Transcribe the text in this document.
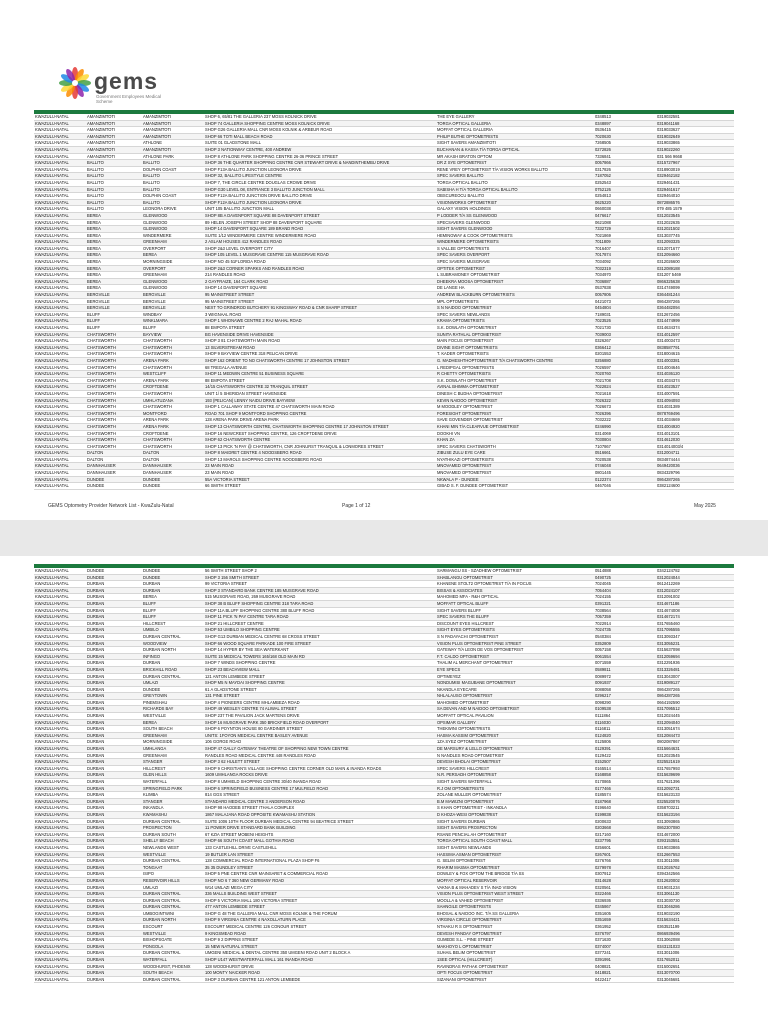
gems
Government Employees Medical Scheme

KWAZULU-NATAL	AMANZIMTOTI	AMANZIMTOTI	SHOP 6, 65/81 THE GALLERIA 237 MOSS KOLNICK DRIVE	THE EYE GALLERY	0348513	0319032581
KWAZULU-NATAL	AMANZIMTOTI	AMANZIMTOTI	SHOP 74 GALLERIA SHOPPING CENTRE MOSS KOLNICK DRIVE	TORGA OPTICAL GALLERIA	0348897	0319041168
KWAZULU-NATAL	AMANZIMTOTI	AMANZIMTOTI	SHOP G26 GALLERIA MALL CNR MOSS KOLNIK & ARBEUR ROAD	MOFFAT OPTICAL GALLERIA	0536415	0319033627
KWAZULU-NATAL	AMANZIMTOTI	AMANZIMTOTI	SHOP 66 TOTI MALL BEACH ROAD	PHILIP BUTHE OPTOMETRISTS	7020630	0319032649
KWAZULU-NATAL	AMANZIMTOTI	ATHLONE	SUITE 01 GLADSTONE MALL	SIGHT SAVERS AMANZIMTOTI	7268505	0319033865
KWAZULU-NATAL	AMANZIMTOTI	AMANZIMTOTI	SHOP 3 NATIONWAY CENTRE, 400 ANDREW	BUCHANAN & KASSA T/A TORGA OPTICAL	0272826	0319022260
KWAZULU-NATAL	AMANZIMTOTI	ATHLONE PARK	SHOP 8 ATHLONE PARK SHOPPING CENTRE 26-36 PRINCE STREET	MR AKASH BRATON OPTOM	7336841	031 566 9668
KWAZULU-NATAL	BALLITO	BALLITO	SHOP 36 THE QUARTER SHOPPING CENTRE CNR STEWART DRIVE & NANDINTHEMBU DRIVE	DR Z SYE OPTOMETRIST	0057866	0315727967
KWAZULU-NATAL	BALLITO	DOLPHIN COAST	SHOP F13A BALLITO JUNCTION LEONORA DRIVE	RENE VREY OPTOMETRIST T/A VISION WORKS BALLITO	0317826	0318903019
KWAZULU-NATAL	BALLITO	BALLITO	SHOP 32, BALLITO LIFESTYLE CENTRE	SPEC SAVERS BALLITO	7187052	0329462182
KWAZULU-NATAL	BALLITO	BALLITO	SHOP 7, THE CIRCLE CENTRE DOUGLAS CROWE DRIVE	TORGA OPTICAL BALLITO	0252543	0329461431
KWAZULU-NATAL	BALLITO	BALLITO	SHOP G30 LEVEL 08, ENTRANCE 3 BALLITO JUNCTION MALL	SABISHA H T/A TORGA OPTICAL BALLITO	0752126	0329461617
KWAZULU-NATAL	BALLITO	DOLPHIN COAST	SHOP F12A BALLITO JUNCTION DRIVE BALLITO DRIVE	OBSCUREOCU BALLITO	0254813	0329464010
KWAZULU-NATAL	BALLITO	BALLITO	SHOP F12A BALLITO JUNCTION LEONORA DRIVE	VISIONWORKS OPTOMETRIST	0625220	0872886576
KWAZULU-NATAL	BALLITO	LEONORA DRIVE	UNIT 105 BALLITO JUNCTION MALL	GALAXY VISION HOLDINGS	0660038	079 485 1579
KWAZULU-NATAL	BEREA	GLENWOOD	SHOP 8B A DAVENPORT SQUARE 88 DAVENPORT STREET	P LODDER T/A SS GLENWOOD	0476617	0312023545
KWAZULU-NATAL	BEREA	GLENWOOD	89 HELEN JOSEPH STREET SHOP 88 DAVENPORT SQUARE	SPECSAVERS GLENWOOD	0621088	0312022635
KWAZULU-NATAL	BEREA	GLENWOOD	SHOP 14 DAVENPORT SQUARE 189 BRAND ROAD	SIGHT SAVERS GLENWOOD	7332729	0312021502
KWAZULU-NATAL	BEREA	WINDERMERE	SUITE 1/12 WINDERMERE CENTRE WINDERMERE ROAD	HEMINGWAY & COOK OPTOMETRISTS	7021869	0313037745
KWAZULU-NATAL	BEREA	GREENHAM	2 ASLAM HOUSES 412 RANDLES ROAD	WINDERMERE OPTOMETRISTS	7011809	0312093325
KWAZULU-NATAL	BEREA	OVERPORT	SHOP 2&3 LEVEL OVERPORT CITY	S VALLEE OPTOMETRISTS	7016407	0312071677
KWAZULU-NATAL	BEREA	BEREA	SHOP 105 LEVEL 1 MUSGRAVE CENTRE 115 MUSGRAVE ROAD	SPEC SAVERS OVERPORT	7017874	0312094660
KWAZULU-NATAL	BEREA	MORNINGSIDE	SHOP NO 45 51FLORIDA ROAD	SPEC SAVERS MUSGRAVE	7034092	0312026600
KWAZULU-NATAL	BEREA	OVERPORT	SHOP 2&3 CORNER SPARKS AND RANDLES ROAD	OPTITEK OPTOMETRIST	7032319	0312089188
KWAZULU-NATAL	BEREA	GREENHAM	214 RANDLES ROAD	L SUBRAMONEY OPTOMETRIST	7034970	031207 5469
KWAZULU-NATAL	BEREA	GLENWOOD	2 GAYFRAIZE, 164 CLARK ROAD	DHEEKRA MOOSA OPTOMETRIST	7036887	0866325638
KWAZULU-NATAL	BEREA	GLENWOOD	SHOP 14 DAVENPORT SQUARE	DE LANGE HA	0537838	0314749099
KWAZULU-NATAL	BERGVILLE	BERGVILLE	95 MAINSTREET STREET	ANDREW BLACKBURN OPTOMETRISTS	0057806	0364481244
KWAZULU-NATAL	BERGVILLE	BERGVILLE	95 MAINSTREET STREET	MPL OPTOMETRISTS	0421073	0864287265
KWAZULU-NATAL	BERGVILLE	BERGVILLE	NEXT TO GRINDROD BUTCHERY 91 KINGSWAY ROAD & CNR SHARP STREET	S N NAIDOO OPTOMETRIST	0454804	0364482094
KWAZULU-NATAL	BLUFF	WINDBAY	3 WIIGNAAL ROAD	SPEC SAVERS NEWLANDS	7189031	0312672456
KWAZULU-NATAL	BLUFF	WINKLMARA	SHOP 1 WHONAWE CENTRE 2 RAJ MAHAL ROAD	KRAMA OPTOMETRISTS	7023526	0314474999
KWAZULU-NATAL	BLUFF	BLUFF	88 EMPOTA STREET	S.K. DOWLATH OPTOMETRIST	7021730	0314634374
KWAZULU-NATAL	CHATSWORTH	BAYVIEW	BG HAVENSIDE DRIVE HAVENSIDE	SUNITA RATHLAL OPTOMETRIST	7039003	0314012597
KWAZULU-NATAL	CHATSWORTH	CHATSWORTH	SHOP 3 81 CHATSWORTH MAIN ROAD	MAIN FOCUS OPTOMETRIST	0326267	0314003473
KWAZULU-NATAL	CHATSWORTH	CHATSWORTH	13 SILVERSTREAM ROAD	DIVINE SIGHT OPTOMETRISTS	0366412	0838587791
KWAZULU-NATAL	CHATSWORTH	CHATSWORTH	SHOP 9 BAYVIEW CENTRE 318 PELICAN DRIVE	T. KADER OPTOMETRISTS	0201553	0318004615
KWAZULU-NATAL	CHATSWORTH	ARENA PARK	SHOP 162 ORIENT TO NO CHATSWORTH CENTRE 17 JOHNSTON STREET	G. MADHESHTHOPTOMETRIST T/A CHATSWORTH CENTRE	0256880	0314003381
KWAZULU-NATAL	CHATSWORTH	CHATSWORTH	68 TREGALA AVENUE	L REDIPGAL OPTOMETRISTS	7026597	0314004646
KWAZULU-NATAL	CHATSWORTH	WESTCLIFF	SHOP 11 MEDWIN CENTRE 51 BUSINESS SQUARE	R CHETTY OPTOMETRISTS	7020760	0314036120
KWAZULU-NATAL	CHATSWORTH	ARENA PARK	88 EMPOTA STREET	S.K. DOWLATH OPTOMETRIST	7021708	0314034374
KWAZULU-NATAL	CHATSWORTH	CROFTDENE	14/15 CHATSWORTH CENTRE 32 TRANQUIL STREET	AVINAL BHIMMA OPTOMETRIST	7022824	0314023527
KWAZULU-NATAL	CHATSWORTH	CHATSWORTH	UNIT 1/ 5 SHERIDAN STREET HAVENSIDE	DINESH C BUDHA OPTOMETRIST	7021618	0314007591
KWAZULU-NATAL	CHATSWORTH	UMHLATUZANA	193 (PELICAN) LENNY NAIDU DRIVE BAYVIEW	KEVIN NAIDOO OPTOMETRIST	7026322	0314094093
KWAZULU-NATAL	CHATSWORTH	CHATSWORTH	SHOP 1 CALLAWAY STATE CENTRE 47 CHATSWORTH MAIN ROAD	M MOODLEY OPTOMETRIST	7026673	0314031389
KWAZULU-NATAL	CHATSWORTH	MONTFORD	ROAD 701 SHOP 9 MONTFORD SHOPPING CENTRE	FORESIGHT OPTOMETRIST	7026396	0878769496
KWAZULU-NATAL	CHATSWORTH	ARENA PARK	128 ARENA PARK DRIVE ARENA PARK	SAVE GOVENDER OPTOMETRIST	7032222	0314034669
KWAZULU-NATAL	CHATSWORTH	ARENA PARK	SHOP 13 CHATSWORTH CENTRE, CHATSWORTH SHOPPING CENTRE 17 JOHNSTON STREET	KHANI MIN T/A CLEARVUE OPTOMETRIST	0246990	0314004920
KWAZULU-NATAL	CHATSWORTH	CROFTDENE	SHOP 16 NEWCREST SHOPPING CENTRE, 126 CROFTDENE DRIVE	DOOKHI VN	0314069	0314013101
KWAZULU-NATAL	CHATSWORTH	CHATSWORTH	SHOP 62 CHATSWORTH CENTRE	KHAN ZA	7030804	0314612030
KWAZULU-NATAL	CHATSWORTH	CHATSWORTH	SHOP 13 PICK 'N PAY @ CHATSWORTH, CNR JOHNURST TRANQUIL & LONMORES STREET	SPEC SAVERS CHATSWORTH	7107867	0314014003/4
KWAZULU-NATAL	DALTON	DALTON	SHOP 8 MAIDRET CENTRE 4 NOODSBERG ROAD	ZIBUSE ZULU EYE CARE	0516661	0312004711
KWAZULU-NATAL	DALTON	DALTON	SHOP 13 MAROLS SHOPPING CENTRE NOODSBERG ROAD	NYATHIKAZI OPTOMETRISTS	7020538	0834874444
KWAZULU-NATAL	DANNHAUSER	DANNHAUSER	23 MAIN ROAD	MNOVAMED OPTOMETRIST	0746048	0649420036
KWAZULU-NATAL	DANNHAUSER	DANNHAUSER	23 MAIN ROAD	MNOVAMED OPTOMETRIST	0801445	0834329796
KWAZULU-NATAL	DUNDEE	DUNDEE	55A VICTORIA STREET	NKWALA P - DUNDEE	0122374	0864287265
KWAZULU-NATAL	DUNDEE	DUNDEE	66 SMITH STREET	GIBAD S. F. DUNDEE OPTOMETRIST	0467046	0382124600
GEMS Optometry Provider Network List - KwaZulu-Natal	Page 1 of 12	May 2025

KWAZULU-NATAL	DUNDEE	DUNDEE	56 SMITH STREET SHOP 2	SARMANGU SS - SZADHEW OPTOMETRIST	0514888	0342124782
KWAZULU-NATAL	DUNDEE	DUNDEE	SHOP 3 156 SMITH STREET	SHABLANGU OPTOMETRIST	0490725	0312024044
KWAZULU-NATAL	DURBAN	DURBAN	99 VICTORIA STREET	KHANENE STOLT2 OPTOMETRIST T/A IN FOCUS	7024045	0612412269
KWAZULU-NATAL	DURBAN	DURBAN	SHOP 3 STANDARD BANK CENTRE 185 MUSGRAVE ROAD	BISSAS & ASSOCIATES	7054404	0312024107
KWAZULU-NATAL	DURBAN	BEREA	515 MUSGRAVE ROAD, 269 MUSGRAVE ROAD	MAHOMED MFA - R&H OPTICAL	7024155	0312091002
KWAZULU-NATAL	DURBAN	BLUFF	SHOP 38 B BLUFF SHOPPING CENTRE 318 TARA ROAD	MOFFATT OPTICAL BLUFF	0391321	0314671186
KWAZULU-NATAL	DURBAN	BLUFF	SHOP 11A BLUFF SHOPPING CENTRE 380 BLUFF ROAD	SIGHT SAVERS BLUFF	7038564	0314674008
KWAZULU-NATAL	DURBAN	BLUFF	SHOP 11 PICK 'N PAY CENTRE TARA ROAD	SPEC SAVERS THE BLUFF	7057359	0314672174
KWAZULU-NATAL	DURBAN	HILLCREST	SHOP 21 HILLCREST CENTRE	DISCOUNT EYES HILLCREST	7022914	0317655460
KWAZULU-NATAL	DURBAN	UMBILO	SHOP 53 UMBILO SHOPPING CENTRE	SIGHT EYES OPTOMETRISTS	7024735	0317095555
KWAZULU-NATAL	DURBAN	DURBAN CENTRAL	SHOP G13 DURBAN MEDICAL CENTRE 68 CROSS STREET	S N PADAYACHI OPTOMETRIST	0540384	0313093347
KWAZULU-NATAL	DURBAN	WOODVIEW	SHOP 66 WOOD SQUARE PARKADE 100 FIRE STREET	VISION PLUS OPTOMETRIST PINE STREET	0352809	0313055231
KWAZULU-NATAL	DURBAN	DURBAN NORTH	SHOP 14 HYPER BY THE SEA WATERKANT	GATEWAY T/A LEON DE VOS OPTOMETRIST	0057158	0315637098
KWAZULU-NATAL	DURBAN	INFINGO	SUITE 15 MEDICAL TOWERS 165/168 OLD MAIN RD	F.T. CALDO OPTOMETRIST	0061554	0312059694
KWAZULU-NATAL	DURBAN	DURBAN	SHOP 7 WINDS SHOPPING CENTRE	THALIM AL MERCHANT OPTOMETRIST	0071559	0312291936
KWAZULU-NATAL	DURBAN	BRICKHILL ROAD	SHOP 23 BEACHVIEW MALL	EYE SPECS	0589811	0313326481
KWAZULU-NATAL	DURBAN	DURBAN CENTRAL	121 ANTON LEMBEDE STREET	OPTIMEYEZ	0089972	0313043007
KWAZULU-NATAL	DURBAN	UMLAZI	SHOP M5 N MAYDAI SHOPPING CENTRE	NONDUMISI MAGUBANE OPTOMETRIST	0091937	0319089127
KWAZULU-NATAL	DURBAN	DUNDEE	61 A GLADSTONE STREET	NKANDLA EYECARE	0088058	0864287265
KWAZULU-NATAL	DURBAN	GREYTOWN	131 PINE STREET	NHLALAUSO OPTOMETRIST	0296217	0864287265
KWAZULU-NATAL	DURBAN	PINEMSHAU	SHOP 4 PIONEERS CENTRE MHLAMBEZA ROAD	MAHOMED OPTOMETRIST	0098290	0664192590
KWAZULU-NATAL	DURBAN	RICHARDS BAY	SHOP 49 WESLEY CENTRE 74 ALIWAL STREET	SA DEVAN AND M NAIDOO OPTOMETRIST	0109538	0317095512
KWAZULU-NATAL	DURBAN	WESTVILLE	SHOP 237 THE PAVILION JACK MARTENS DRIVE	MOFFATT OPTICAL PAVILION	0111864	0312024445
KWAZULU-NATAL	DURBAN	BEREA	SHOP 16 MUSGRAVE PARK 350 BRICKFIELD ROAD OVERPORT	OPSIMAR GALLERY	0116030	0312094040
KWAZULU-NATAL	DURBAN	SOUTH BEACH	SHOP 6 POYNTON HOUSE 80 GARDINER STREET	THEKWINI OPTOMETRISTS	0116811	0313051674
KWAZULU-NATAL	DURBAN	GREENHAM	UNITS: 1FOYON MEDICAL CENTRE BASLEY AVENUE	HASMA KASSIM OPTOMETRIST	0124820	0312084473
KWAZULU-NATAL	DURBAN	MORNINGSIDE	106 GORGE ROAD	1ZA SYEZ OPTOMETRIST	0125806	0802087867
KWAZULU-NATAL	DURBAN	UMHLANGA	SHOP 47 GALLY GATEWAY THEATRE OF SHOPPING NEW TOWN CENTRE	DE MARSURY & LELLO OPTOMETRIST	0129391	0315664631
KWAZULU-NATAL	DURBAN	GREENHAM	RANDLES ROAD MEDICAL CENTRE 448 RANDLES ROAD	N NANDLES ROAD OPTOMETRIST	0129422	0312023545
KWAZULU-NATAL	DURBAN	STANGER	SHOP 3 62 HULETT STREET	DEVESH BHOLAI OPTOMETRIST	0152507	0325521619
KWAZULU-NATAL	DURBAN	HILLCREST	SHOP 9 CHRISTIAN'S VILLAGE SHOPPING CENTRE CORNER OLD MAIN & INANDA ROADS	SPEC SAVERS HILLCREST	0165514	0317657993
KWAZULU-NATAL	DURBAN	GLEN HILLS	1609 UMHLANGA ROCKS DRIVE	N.R. PERSADH OPTOMETRIST	0168858	0315639699
KWAZULU-NATAL	DURBAN	WATERFALL	SHOP 8 UMHIELD SHOPPING CENTRE 30/40 INANDA ROAD	SIGHT SAVERS WATERFALL	0170865	0317621396
KWAZULU-NATAL	DURBAN	SPRINGFIELD PARK	SHOP 6 SPRINGFIELD BUSINESS CENTRE 17 MULFIELD ROAD	R.J OM OPTOMETRISTS	0177466	0312092731
KWAZULU-NATAL	DURBAN	KLIMBA	814 GGS STREET	ZOLANE MULLER OPTOMETRIST	0185574	0315623133
KWAZULU-NATAL	DURBAN	STANGER	STANDARD MEDICAL CENTRE 3 ANDERSON ROAD	B.M MAWIZNI OPTOMETRIST	0187968	0325520076
KWAZULU-NATAL	DURBAN	INKANDLA	SHOP 98 HAODEB STREET ITHALA COMPLEX	S KHAN OPTOMETRIST - INKANDLA	0196640	0358703211
KWAZULU-NATAL	DURBAN	KWAMASHU	1867 MALAJANA ROAD OPPOSITE KWAMASHU STATION	D KHOZA-WESI OPTOMETRIST	0199838	0315623194
KWAZULU-NATAL	DURBAN	DURBAN CENTRAL	SUITE 1006 10TH FLOOR DURBAN MEDICAL CENTRE 94 BEATRICE STREET	SIGHT SAVERS DURBAN	0200633	0313093865
KWAZULU-NATAL	DURBAN	PROSPECTON	11 POWER DRIVE STANDARD BANK BUILDING	SIGHT SAVERS PROSPECTON	0203668	0862307080
KWAZULU-NATAL	DURBAN	DURBAN SOUTH	67 KZIA STREET MOBENI HEIGHTS	RSANE PENCIAL AH OPTOMETRIST	0217160	0314672000
KWAZULU-NATAL	DURBAN	SHELLY BEACH	SHOP 66 SOUTH COAST MALL GOTHIA ROAD	TORGA OPTICAL SOUTH COAST MALL	0237795	0393153551
KWAZULU-NATAL	DURBAN	NEWLANDS WEST	133 CASTLEHILL DRIVE CASTLEHILL	SIGHT SAVERS NEWLANDS	0256601	0319033865
KWAZULU-NATAL	DURBAN	WESTVILLE	19 BUTLER LAN STREET	HASSIMA ASMAN OPTOMETRIST	0267601	0312667553
KWAZULU-NATAL	DURBAN	DURBAN CENTRAL	128 COMMERCIAL ROAD INTERNATIONAL PLAZA SHOP F6	G. SELIM OPTOMETRIST	0276766	0313011006
KWAZULU-NATAL	DURBAN	TONGAAT	35 35 DUNDLEY STREET	RHARIM MASMA OPTOMETRIST	0279978	0312026762
KWAZULU-NATAL	DURBAN	ISIPO	SHOP 5 PNE CENTRE CNR MAINSARET & COMMERCIAL ROAD	DOWLEY & FOX OPTOM THE BRIDGE T/A SS	0307912	0394342566
KWAZULU-NATAL	DURBAN	RESERVOIR HILLS	SHOP NO 6 7 360 NEW GERMANY ROAD	MOFFAT OPTICAL RESERVOIR	0314628	0312620002
KWAZULU-NATAL	DURBAN	UMLAZI	W14 UMLAZI MEGA CITY	VAKNA B & MAHADEV S T/A INAD VISION	0320561	0319031234
KWAZULU-NATAL	DURBAN	DURBAN CENTRAL	336 MALLS BUILDING WEST STREET	VISION PLUS OPTOMETRIST WEST STREET	0322466	0313061130
KWAZULU-NATAL	DURBAN	DURBAN CENTRAL	SHOP 5 VICTORIA MALL 180 VICTORIA STREET	MOOLLA & VAHED OPTOMETRIST	0336936	0313030730
KWAZULU-NATAL	DURBAN	DURBAN CENTRAL	477 ANTON LEMBEDE STREET	SAHNGILE OPTOMETRISTS	0345867	0313046286
KWAZULU-NATAL	DURBAN	UMBOGINTWINI	SHOP G 48 THE GALLERIA MALL CNR MOSS KOLNIK & THE FORUM	BHOSAL & NAIDOO INC. T/A SS GALLERIA	0351605	0319032190
KWAZULU-NATAL	DURBAN	DURBAN NORTH	SHOP 9 VIRGINIA CENTRE 4 NAXOLLATURN PLACE	VIRGINIA CIRCLE OPTOMETRIST	0351659	0315634421
KWAZULU-NATAL	DURBAN	ESCOURT	ESCOURT MEDICAL CENTRE 126 CONOUR STREET	NTHAKU R S OPTOMETRIST	0361952	0363521199
KWAZULU-NATAL	DURBAN	WESTVILLE	9 KINGSMEAD ROAD	DEVESH PANDAY OPTOMETRIST	0376797	0866939496
KWAZULU-NATAL	DURBAN	BISHOPSGATE	SHOP 9 2 DIPPINS STREET	GUMEDE S.L. - PINE STREET	0371630	0313062088
KWAZULU-NATAL	DURBAN	PONGOLA	15 NEW NATURAL STREET	MAKHOYO L OPTOMETRIST	0374007	0343131023
KWAZULU-NATAL	DURBAN	DURBAN CENTRAL	UMGENI MEDICAL & DENTAL CENTRE 350 UMGENI ROAD UNIT 2 BLOCK A	SUHAIL BELIM OPTOMETRIST	0377241	0313011006
KWAZULU-NATAL	DURBAN	WATERFALL	SHOP U147 WESTWATERFALL MALL 161 INANDA ROAD	1SEE OPTICAL (HILLCREST)	0391991	0317652011
KWAZULU-NATAL	DURBAN	WOODHURST, PHOENIX	128 WOODHURST DRIVE	RAVINDRAS PATHAK OPTOMETRIST	0408821	0315002651
KWAZULU-NATAL	DURBAN	SOUTH BEACH	100 MONTY NAICKER ROAD	OPTI FOCUS OPTOMETRIST	0418821	0313070700
KWAZULU-NATAL	DURBAN	DURBAN CENTRAL	SHOP 3 DURBAN CENTRE 121 ANTON LEMBEDE	SIZANANI OPTOMETRIST	0422417	0313045681
